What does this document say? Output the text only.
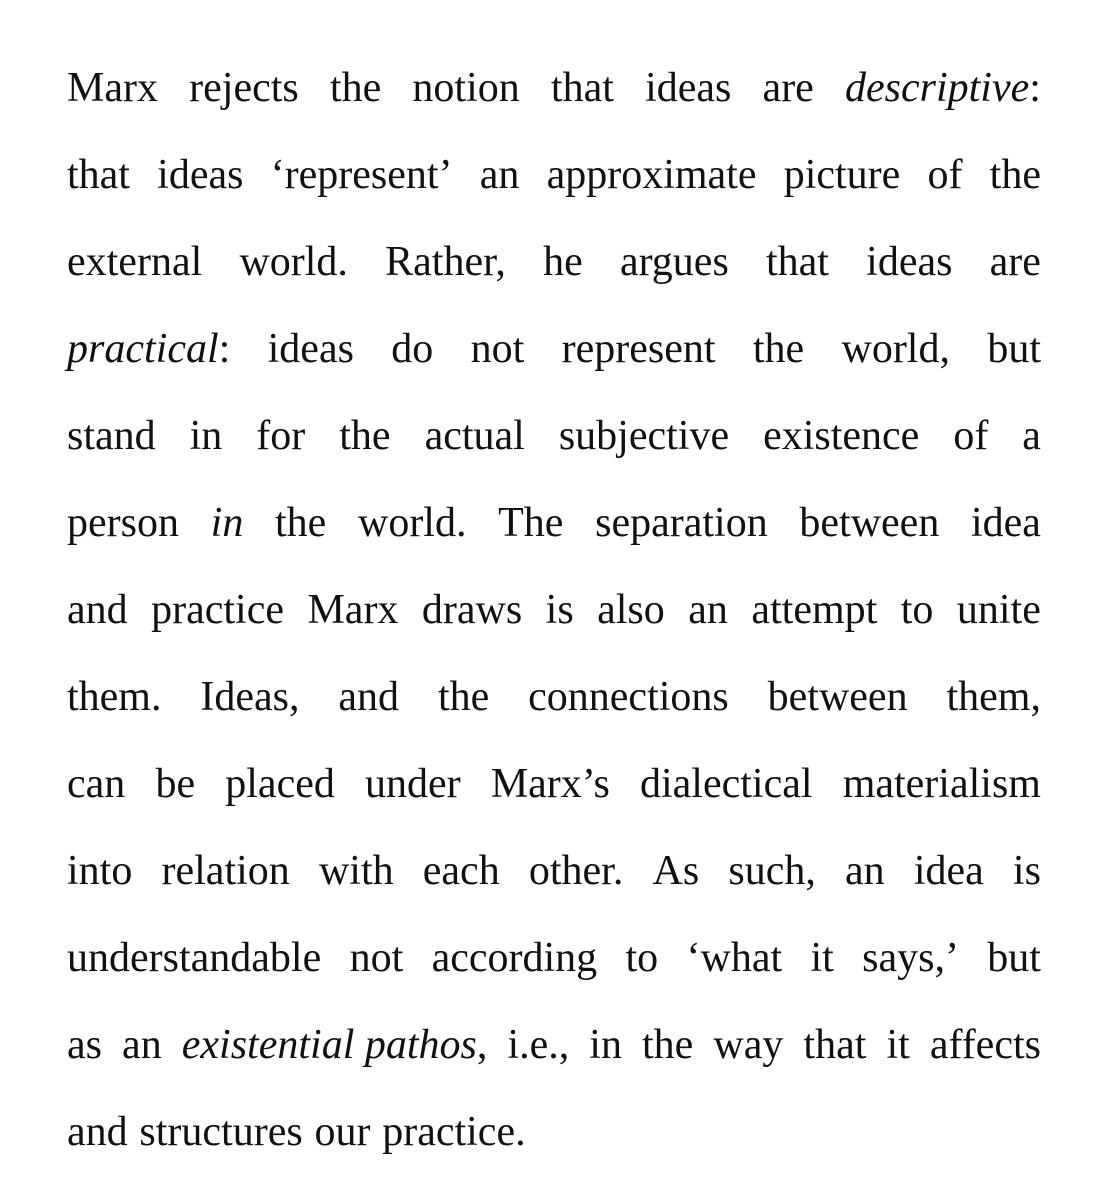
Marx rejects the notion that ideas are descriptive:
that ideas ‘represent’ an approximate picture of the
external world. Rather, he argues that ideas are
practical: ideas do not represent the world, but
stand in for the actual subjective existence of a
person in the world. The separation between idea
and practice Marx draws is also an attempt to unite
them. Ideas, and the connections between them,
can be placed under Marx’s dialectical materialism
into relation with each other. As such, an idea is
understandable not according to ‘what it says,’ but
as an existential pathos, i.e., in the way that it affects
and structures our practice.
